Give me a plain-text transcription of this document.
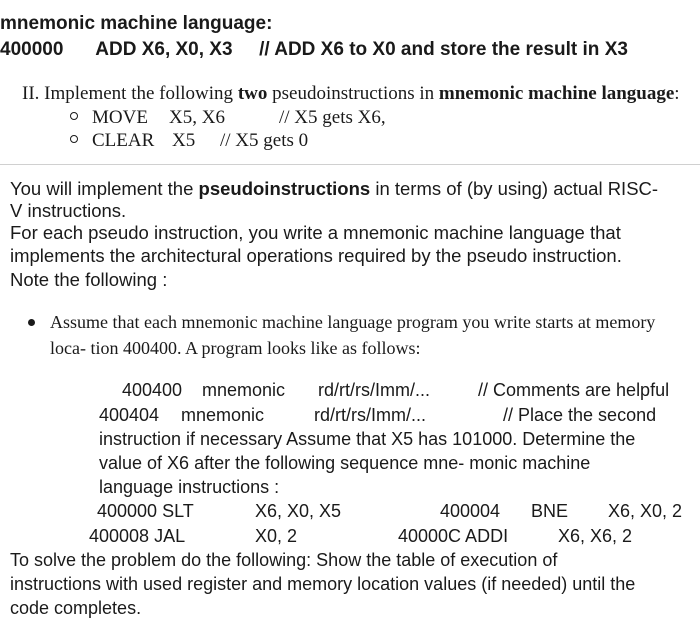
mnemonic machine language:
400000 ADD X6, X0, X3 // ADD X6 to X0 and store the result in X3
II. Implement the following two pseudoinstructions in mnemonic machine language:
MOVE X5, X6	// X5 gets X6,
CLEAR X5 // X5 gets 0
You will implement the pseudoinstructions in terms of (by using) actual RISC-
V instructions.
For each pseudo instruction, you write a mnemonic machine language that
implements the architectural operations required by the pseudo instruction.
Note the following :
Assume that each mnemonic machine language program you write starts at memory
loca- tion 400400. A program looks like as follows:
400400 mnemonic rd/rt/rs/Imm/...	// Comments are helpful
400404 mnemonic	rd/rt/rs/Imm/...	// Place the second
instruction if necessary Assume that X5 has 101000. Determine the
value of X6 after the following sequence mne- monic machine
language instructions :
400000 SLT	X6, X0, X5	400004 BNE X6, X0, 2
400008 JAL	X0, 2	40000C ADDI	X6, X6, 2
To solve the problem do the following: Show the table of execution of
instructions with used register and memory location values (if needed) until the
code completes.
